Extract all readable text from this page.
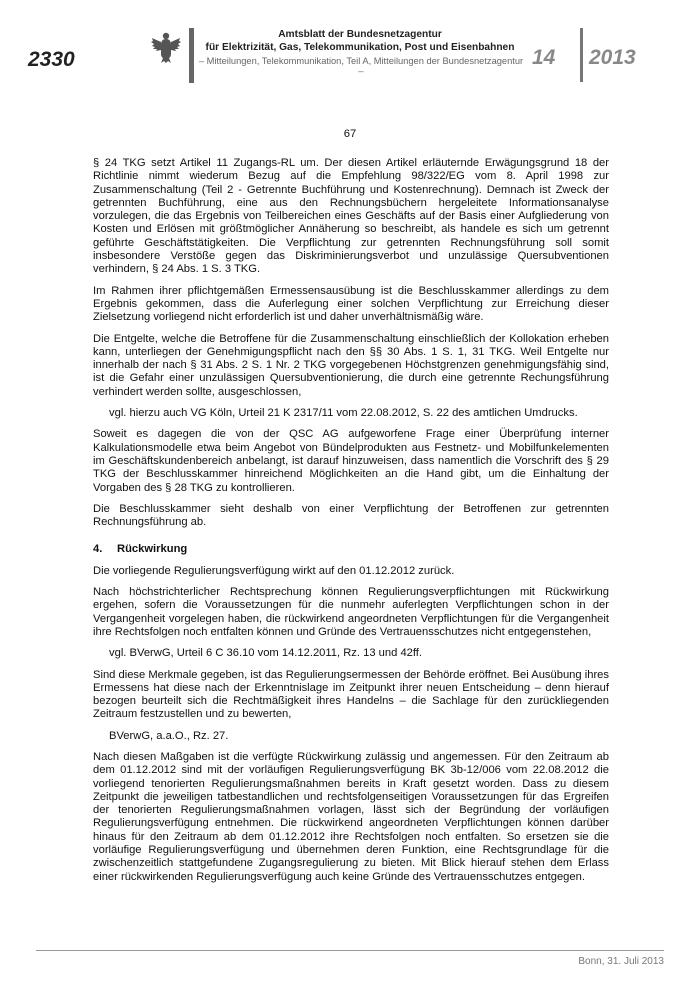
2330
Amtsblatt der Bundesnetzagentur
für Elektrizität, Gas, Telekommunikation, Post und Eisenbahnen
– Mitteilungen, Telekommunikation, Teil A, Mitteilungen der Bundesnetzagentur –
14 2013
67

§ 24 TKG setzt Artikel 11 Zugangs-RL um. Der diesen Artikel erläuternde Erwägungsgrund 18 der Richtlinie nimmt wiederum Bezug auf die Empfehlung 98/322/EG vom 8. April 1998 zur Zusammenschaltung (Teil 2 - Getrennte Buchführung und Kostenrechnung). Demnach ist Zweck der getrennten Buchführung, eine aus den Rechnungsbüchern hergeleitete Informationsanalyse vorzulegen, die das Ergebnis von Teilbereichen eines Geschäfts auf der Basis einer Aufgliederung von Kosten und Erlösen mit größtmöglicher Annäherung so beschreibt, als handele es sich um getrennt geführte Geschäftstätigkeiten. Die Verpflichtung zur getrennten Rechnungsführung soll somit insbesondere Verstöße gegen das Diskriminierungsverbot und unzulässige Quersubventionen verhindern, § 24 Abs. 1 S. 3 TKG.

Im Rahmen ihrer pflichtgemäßen Ermessensausübung ist die Beschlusskammer allerdings zu dem Ergebnis gekommen, dass die Auferlegung einer solchen Verpflichtung zur Erreichung dieser Zielsetzung vorliegend nicht erforderlich ist und daher unverhältnismäßig wäre.

Die Entgelte, welche die Betroffene für die Zusammenschaltung einschließlich der Kollokation erheben kann, unterliegen der Genehmigungspflicht nach den §§ 30 Abs. 1 S. 1, 31 TKG. Weil Entgelte nur innerhalb der nach § 31 Abs. 2 S. 1 Nr. 2 TKG vorgegebenen Höchstgrenzen genehmigungsfähig sind, ist die Gefahr einer unzulässigen Quersubventionierung, die durch eine getrennte Rechungsführung verhindert werden sollte, ausgeschlossen,

vgl. hierzu auch VG Köln, Urteil 21 K 2317/11 vom 22.08.2012, S. 22 des amtlichen Umdrucks.

Soweit es dagegen die von der QSC AG aufgeworfene Frage einer Überprüfung interner Kalkulationsmodelle etwa beim Angebot von Bündelprodukten aus Festnetz- und Mobilfunkelementen im Geschäftskundenbereich anbelangt, ist darauf hinzuweisen, dass namentlich die Vorschrift des § 29 TKG der Beschlusskammer hinreichend Möglichkeiten an die Hand gibt, um die Einhaltung der Vorgaben des § 28 TKG zu kontrollieren.

Die Beschlusskammer sieht deshalb von einer Verpflichtung der Betroffenen zur getrennten Rechnungsführung ab.

4. Rückwirkung

Die vorliegende Regulierungsverfügung wirkt auf den 01.12.2012 zurück.

Nach höchstrichterlicher Rechtsprechung können Regulierungsverpflichtungen mit Rückwirkung ergehen, sofern die Voraussetzungen für die nunmehr auferlegten Verpflichtungen schon in der Vergangenheit vorgelegen haben, die rückwirkend angeordneten Verpflichtungen für die Vergangenheit ihre Rechtsfolgen noch entfalten können und Gründe des Vertrauensschutzes nicht entgegenstehen,

vgl. BVerwG, Urteil 6 C 36.10 vom 14.12.2011, Rz. 13 und 42ff.

Sind diese Merkmale gegeben, ist das Regulierungsermessen der Behörde eröffnet. Bei Ausübung ihres Ermessens hat diese nach der Erkenntnislage im Zeitpunkt ihrer neuen Entscheidung – denn hierauf bezogen beurteilt sich die Rechtmäßigkeit ihres Handelns – die Sachlage für den zurückliegenden Zeitraum festzustellen und zu bewerten,

BVerwG, a.a.O., Rz. 27.

Nach diesen Maßgaben ist die verfügte Rückwirkung zulässig und angemessen. Für den Zeitraum ab dem 01.12.2012 sind mit der vorläufigen Regulierungsverfügung BK 3b-12/006 vom 22.08.2012 die vorliegend tenorierten Regulierungsmaßnahmen bereits in Kraft gesetzt worden. Dass zu diesem Zeitpunkt die jeweiligen tatbestandlichen und rechtsfolgenseitigen Voraussetzungen für das Ergreifen der tenorierten Regulierungsmaßnahmen vorlagen, lässt sich der Begründung der vorläufigen Regulierungsverfügung entnehmen. Die rückwirkend angeordneten Verpflichtungen können darüber hinaus für den Zeitraum ab dem 01.12.2012 ihre Rechtsfolgen noch entfalten. So ersetzen sie die vorläufige Regulierungsverfügung und übernehmen deren Funktion, eine Rechtsgrundlage für die zwischenzeitlich stattgefundene Zugangsregulierung zu bieten. Mit Blick hierauf stehen dem Erlass einer rückwirkenden Regulierungsverfügung auch keine Gründe des Vertrauensschutzes entgegen.

Bonn, 31. Juli 2013
